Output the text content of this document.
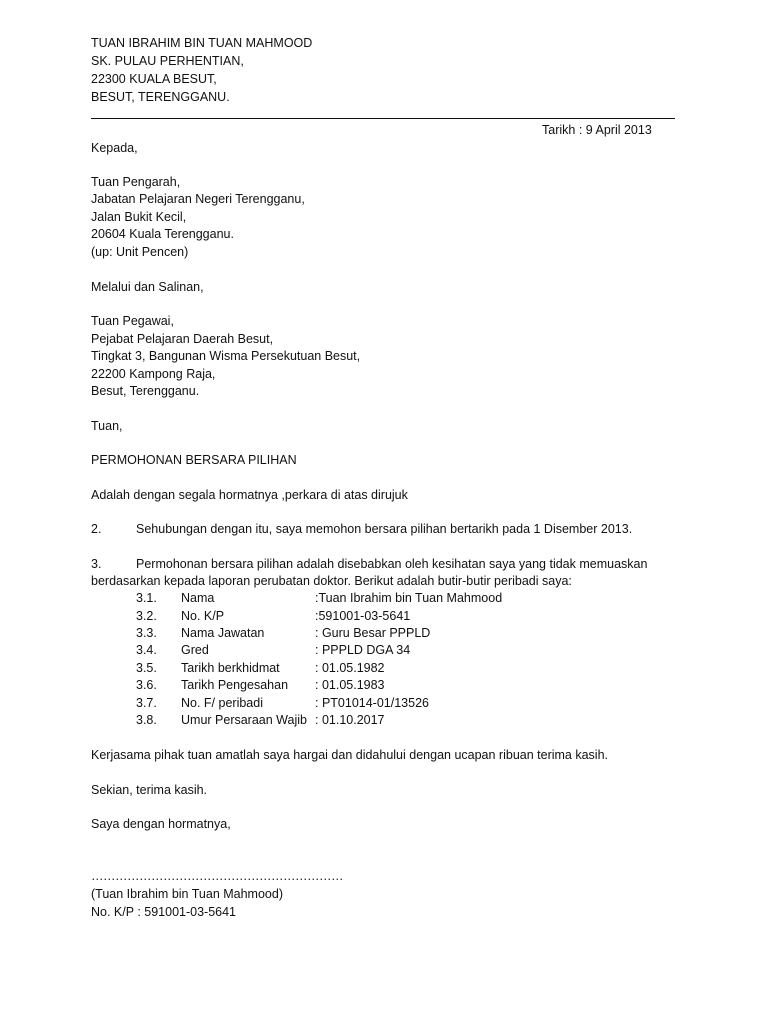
TUAN IBRAHIM BIN TUAN MAHMOOD
SK. PULAU PERHENTIAN,
22300 KUALA BESUT,
BESUT, TERENGGANU.
Tarikh : 9 April 2013
Kepada,
Tuan Pengarah,
Jabatan Pelajaran Negeri Terengganu,
Jalan Bukit Kecil,
20604 Kuala Terengganu.
(up: Unit Pencen)
Melalui dan Salinan,
Tuan Pegawai,
Pejabat Pelajaran Daerah Besut,
Tingkat 3, Bangunan Wisma Persekutuan Besut,
22200 Kampong Raja,
Besut, Terengganu.
Tuan,
PERMOHONAN BERSARA PILIHAN
Adalah dengan segala hormatnya ,perkara di atas dirujuk
2.	Sehubungan dengan itu, saya memohon bersara pilihan bertarikh pada 1 Disember 2013.
3.	Permohonan bersara pilihan adalah disebabkan oleh kesihatan saya yang tidak memuaskan
berdasarkan kepada laporan perubatan doktor. Berikut adalah butir-butir peribadi saya:
3.1. Nama	:Tuan Ibrahim bin Tuan Mahmood
3.2. No. K/P	:591001-03-5641
3.3. Nama Jawatan	: Guru Besar PPPLD
3.4. Gred	: PPPLD DGA 34
3.5. Tarikh berkhidmat	: 01.05.1982
3.6. Tarikh Pengesahan : 01.05.1983
3.7. No. F/ peribadi	: PT01014-01/13526
3.8. Umur Persaraan Wajib : 01.10.2017
Kerjasama pihak tuan amatlah saya hargai dan didahului dengan ucapan ribuan terima kasih.
Sekian, terima kasih.
Saya dengan hormatnya,
………………………………………………………
(Tuan Ibrahim bin Tuan Mahmood)
No. K/P : 591001-03-5641
